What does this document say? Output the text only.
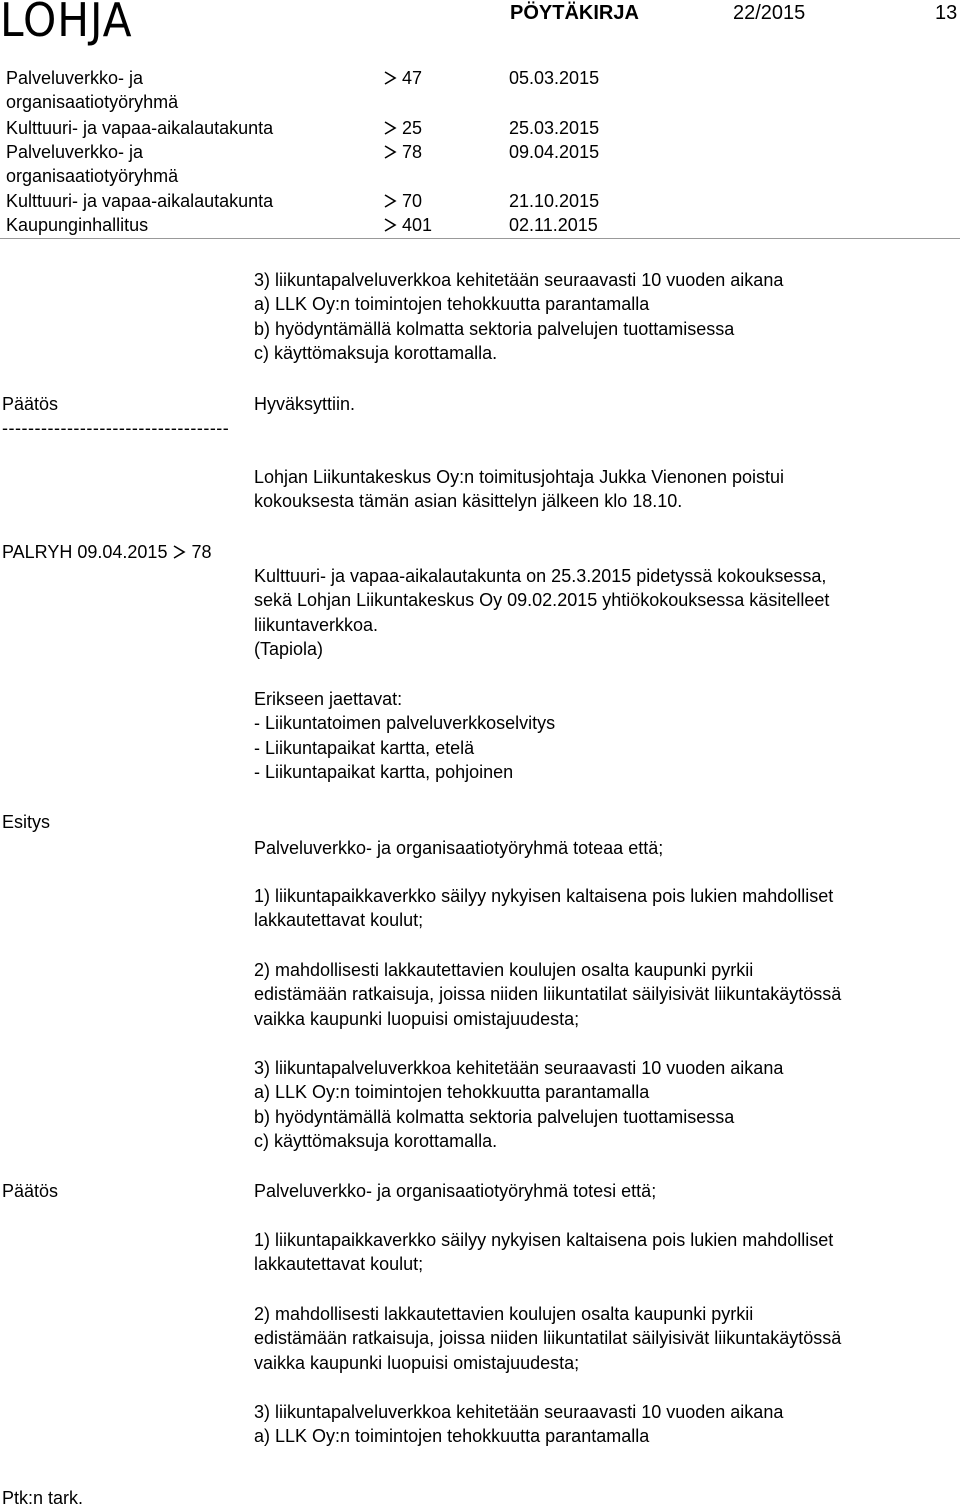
LOHJA	PÖYTÄKIRJA	22/2015	13
Palveluverkko- ja
organisaatiotyöryhmä
47	05.03.2015
Kulttuuri- ja vapaa-aikalautakunta	25	25.03.2015
Palveluverkko- ja
organisaatiotyöryhmä
78	09.04.2015
Kulttuuri- ja vapaa-aikalautakunta	70	21.10.2015
Kaupunginhallitus	401	02.11.2015

3) liikuntapalveluverkkoa kehitetään seuraavasti 10 vuoden aikana

a) LLK Oy:n toimintojen tehokkuutta parantamalla

b) hyödyntämällä kolmatta sektoria palvelujen tuottamisessa

c) käyttömaksuja korottamalla.

Päätös	Hyväksyttiin.
-----------------------------------

Lohjan Liikuntakeskus Oy:n toimitusjohtaja Jukka Vienonen poistui

kokouksesta tämän asian käsittelyn jälkeen klo 18.10.

PALRYH 09.04.2015 78

Kulttuuri- ja vapaa-aikalautakunta on 25.3.2015 pidetyssä kokouksessa,

sekä Lohjan Liikuntakeskus Oy 09.02.2015 yhtiökokouksessa käsitelleet

liikuntaverkkoa.

(Tapiola)

Erikseen jaettavat:

- Liikuntatoimen palveluverkkoselvitys

- Liikuntapaikat kartta, etelä

- Liikuntapaikat kartta, pohjoinen

Esitys
Palveluverkko- ja organisaatiotyöryhmä toteaa että;

1) liikuntapaikkaverkko säilyy nykyisen kaltaisena pois lukien mahdolliset

lakkautettavat koulut;

2) mahdollisesti lakkautettavien koulujen osalta kaupunki pyrkii

edistämään ratkaisuja, joissa niiden liikuntatilat säilyisivät liikuntakäytössä

vaikka kaupunki luopuisi omistajuudesta;

3) liikuntapalveluverkkoa kehitetään seuraavasti 10 vuoden aikana

a) LLK Oy:n toimintojen tehokkuutta parantamalla

b) hyödyntämällä kolmatta sektoria palvelujen tuottamisessa

c) käyttömaksuja korottamalla.

Päätös	Palveluverkko- ja organisaatiotyöryhmä totesi että;

1) liikuntapaikkaverkko säilyy nykyisen kaltaisena pois lukien mahdolliset

lakkautettavat koulut;

2) mahdollisesti lakkautettavien koulujen osalta kaupunki pyrkii

edistämään ratkaisuja, joissa niiden liikuntatilat säilyisivät liikuntakäytössä

vaikka kaupunki luopuisi omistajuudesta;

3) liikuntapalveluverkkoa kehitetään seuraavasti 10 vuoden aikana

a) LLK Oy:n toimintojen tehokkuutta parantamalla

Ptk:n tark.
